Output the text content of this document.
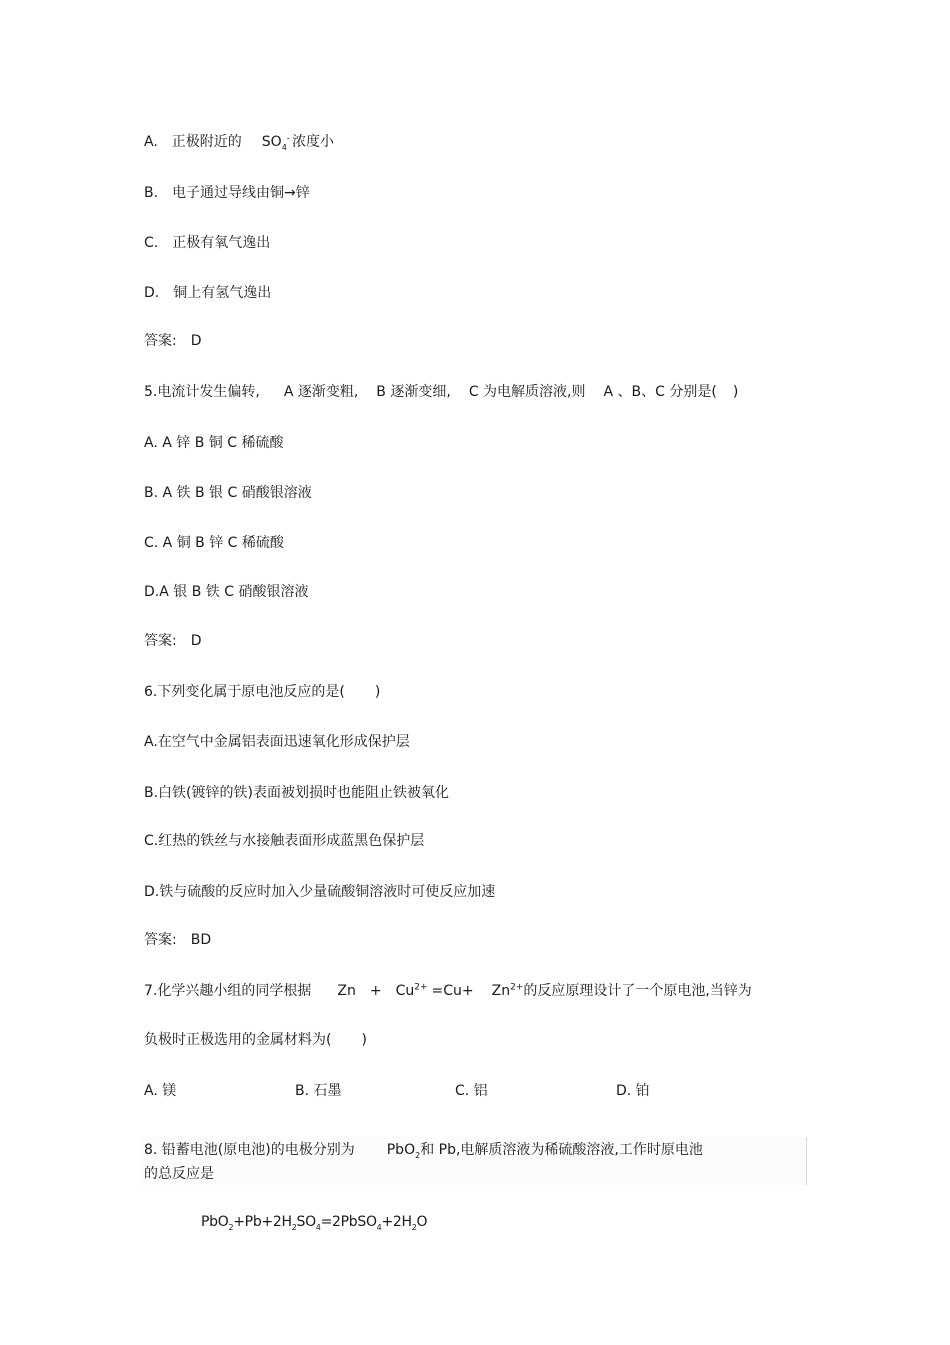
A. 正极附近的 $SO_4^-$ 浓度小
B. 电子通过导线由铜→锌
C. 正极有氧气逸出
D. 铜上有氢气逸出
答案: D
5.电流计发生偏转, A 逐渐变粗, B 逐渐变细, C 为电解质溶液,则 A 、B、C 分别是( )
A. A 锌 B 铜 C 稀硫酸
B. A 铁 B 银 C 硝酸银溶液
C. A 铜 B 锌 C 稀硫酸
D.A 银 B 铁 C 硝酸银溶液
答案: D
6.下列变化属于原电池反应的是( )
A.在空气中金属铝表面迅速氧化形成保护层
B.白铁(镀锌的铁)表面被划损时也能阻止铁被氧化
C.红热的铁丝与水接触表面形成蓝黑色保护层
D.铁与硫酸的反应时加入少量硫酸铜溶液时可使反应加速
答案: BD
7.化学兴趣小组的同学根据 $Zn + Cu^{2+} =Cu+ Zn^{2+}$的反应原理设计了一个原电池,当锌为
负极时正极选用的金属材料为( )
A. 镁	B. 石墨	C. 铝	D. 铂
8. 铅蓄电池(原电池)的电极分别为 PbO$_2$和 Pb,电解质溶液为稀硫酸溶液,工作时原电池
的总反应是
$PbO_2+Pb+2H_2SO_4=2PbSO_4+2H_2O$
